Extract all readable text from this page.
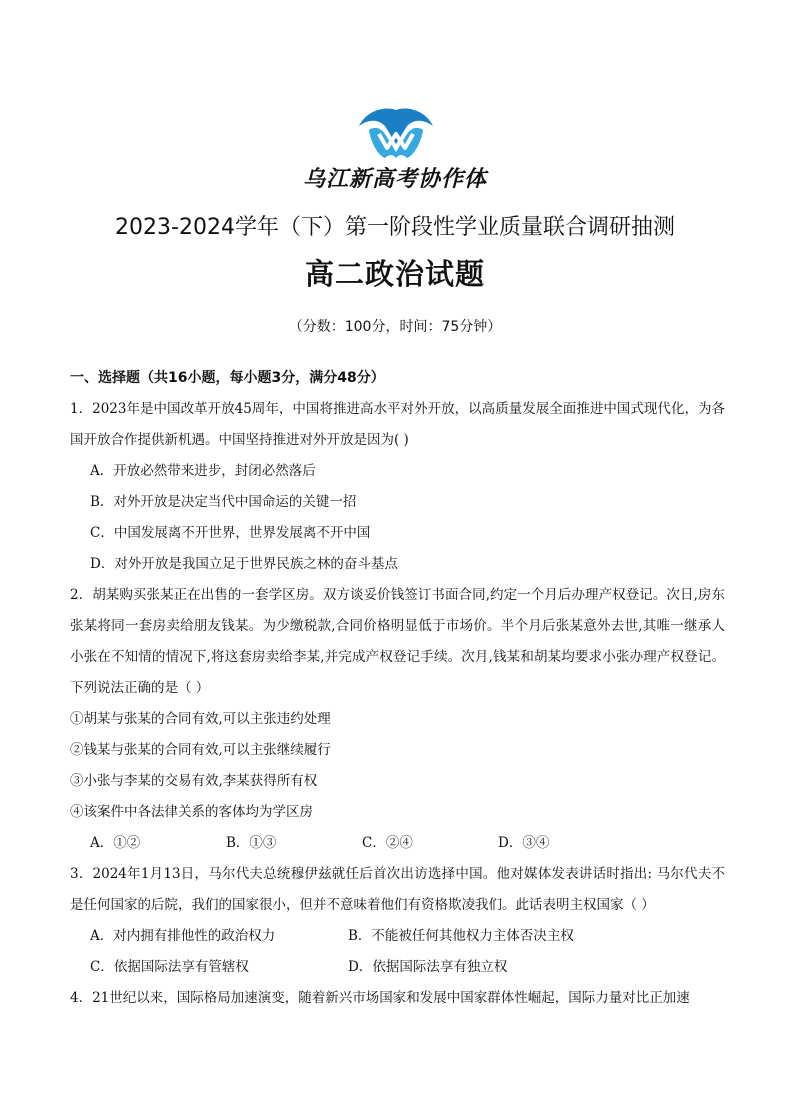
乌江新高考协作体
2023-2024学年（下）第一阶段性学业质量联合调研抽测
高二政治试题
（分数：100分，时间：75分钟）
一、选择题（共16小题，每小题3分，满分48分）
1．2023年是中国改革开放45周年，中国将推进高水平对外开放，以高质量发展全面推进中国式现代化，为各国开放合作提供新机遇。中国坚持推进对外开放是因为( )
A．开放必然带来进步，封闭必然落后
B．对外开放是决定当代中国命运的关键一招
C．中国发展离不开世界，世界发展离不开中国
D．对外开放是我国立足于世界民族之林的奋斗基点
2．胡某购买张某正在出售的一套学区房。双方谈妥价钱签订书面合同,约定一个月后办理产权登记。次日,房东张某将同一套房卖给朋友钱某。为少缴税款,合同价格明显低于市场价。半个月后张某意外去世,其唯一继承人小张在不知情的情况下,将这套房卖给李某,并完成产权登记手续。次月,钱某和胡某均要求小张办理产权登记。下列说法正确的是（ ）
①胡某与张某的合同有效,可以主张违约处理
②钱某与张某的合同有效,可以主张继续履行
③小张与李某的交易有效,李某获得所有权
④该案件中各法律关系的客体均为学区房
A．①②	B．①③	C．②④	D．③④
3．2024年1月13日，马尔代夫总统穆伊兹就任后首次出访选择中国。他对媒体发表讲话时指出: 马尔代夫不是任何国家的后院，我们的国家很小，但并不意味着他们有资格欺凌我们。此话表明主权国家（ ）
A．对内拥有排他性的政治权力	B．不能被任何其他权力主体否决主权
C．依据国际法享有管辖权	D．依据国际法享有独立权
4．21世纪以来，国际格局加速演变，随着新兴市场国家和发展中国家群体性崛起，国际力量对比正加速
